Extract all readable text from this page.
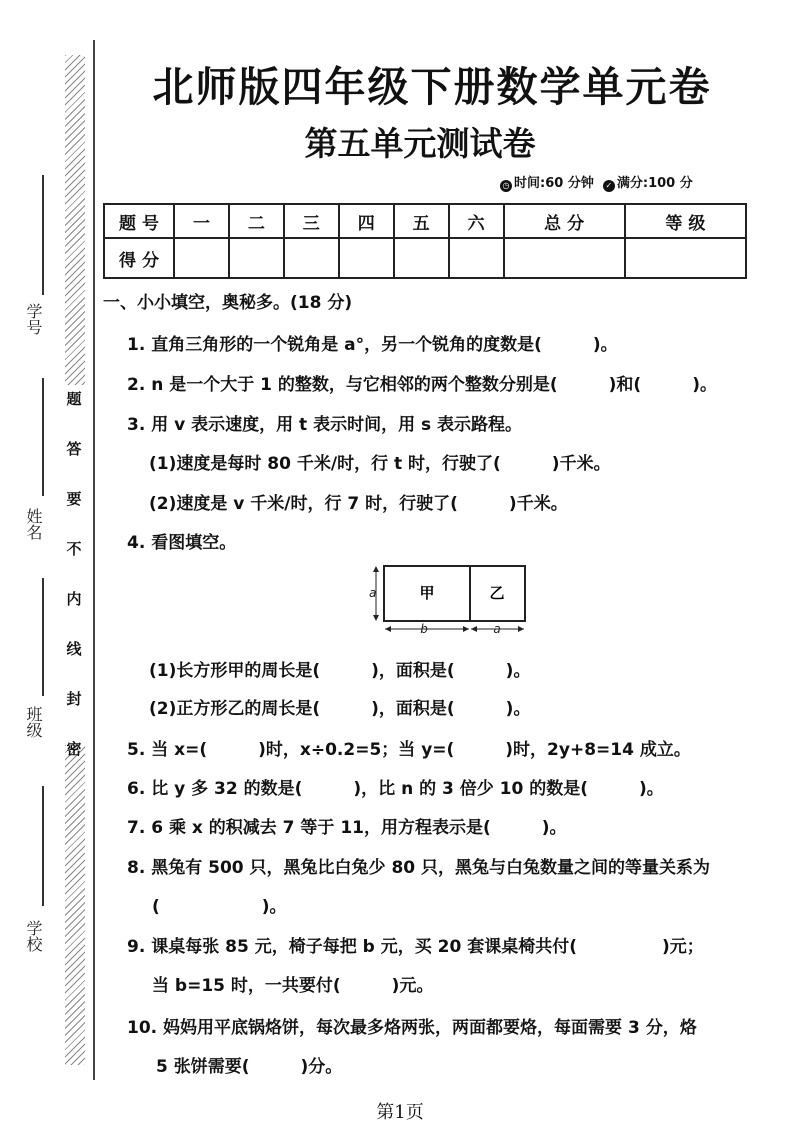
题
答
要
不
内
线
封
密
学号
姓名
班级
学校
北师版四年级下册数学单元卷
第五单元测试卷
◷ 时间:60 分钟 ✓ 满分:100 分
题 号	一	二	三	四	五	六	总 分	等 级
得 分								
一、小小填空，奥秘多。(18 分)
1. 直角三角形的一个锐角是 a°，另一个锐角的度数是(　　　)。
2. n 是一个大于 1 的整数，与它相邻的两个整数分别是(　　　)和(　　　)。
3. 用 v 表示速度，用 t 表示时间，用 s 表示路程。
(1)速度是每时 80 千米/时，行 t 时，行驶了(　　　)千米。
(2)速度是 v 千米/时，行 7 时，行驶了(　　　)千米。
4. 看图填空。
甲	乙
a
b	a
(1)长方形甲的周长是(　　　)，面积是(　　　)。
(2)正方形乙的周长是(　　　)，面积是(　　　)。
5. 当 x=(　　　)时，x÷0.2=5；当 y=(　　　)时，2y+8=14 成立。
6. 比 y 多 32 的数是(　　　)，比 n 的 3 倍少 10 的数是(　　　)。
7. 6 乘 x 的积减去 7 等于 11，用方程表示是(　　　)。
8. 黑兔有 500 只，黑兔比白兔少 80 只，黑兔与白兔数量之间的等量关系为
(　　　　　　)。
9. 课桌每张 85 元，椅子每把 b 元，买 20 套课桌椅共付(　　　　　)元；
当 b=15 时，一共要付(　　　)元。
10. 妈妈用平底锅烙饼，每次最多烙两张，两面都要烙，每面需要 3 分，烙
5 张饼需要(　　　)分。
第1页
